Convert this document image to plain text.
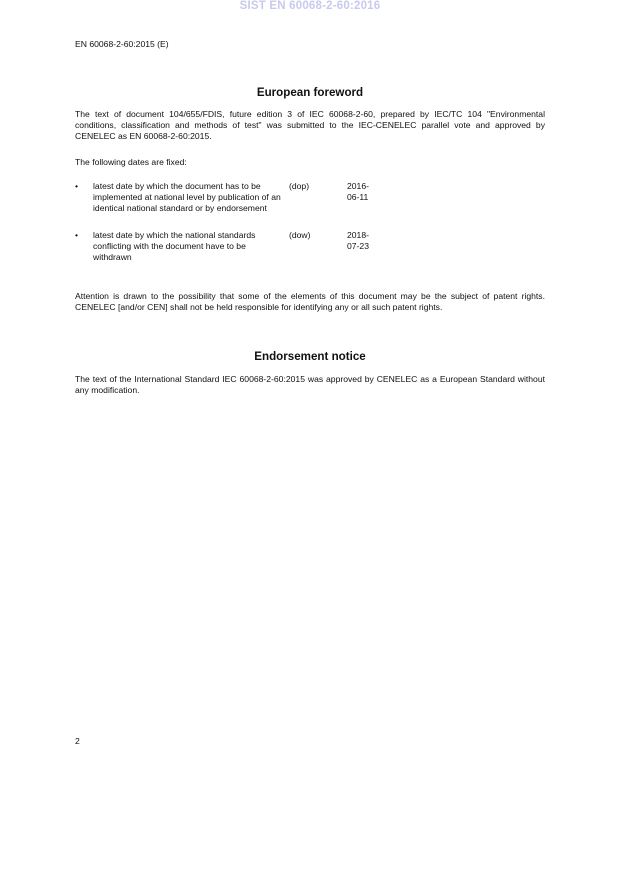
SIST EN 60068-2-60:2016
EN 60068-2-60:2015 (E)
European foreword
The text of document 104/655/FDIS, future edition 3 of IEC 60068-2-60, prepared by IEC/TC 104 "Environmental conditions, classification and methods of test" was submitted to the IEC-CENELEC parallel vote and approved by CENELEC as EN 60068-2-60:2015.
The following dates are fixed:
• latest date by which the document has to be implemented at national level by publication of an identical national standard or by endorsement
(dop)	2016-06-11
• latest date by which the national standards conflicting with the document have to be withdrawn
(dow)	2018-07-23
Attention is drawn to the possibility that some of the elements of this document may be the subject of patent rights. CENELEC [and/or CEN] shall not be held responsible for identifying any or all such patent rights.
Endorsement notice
The text of the International Standard IEC 60068-2-60:2015 was approved by CENELEC as a European Standard without any modification.
2
